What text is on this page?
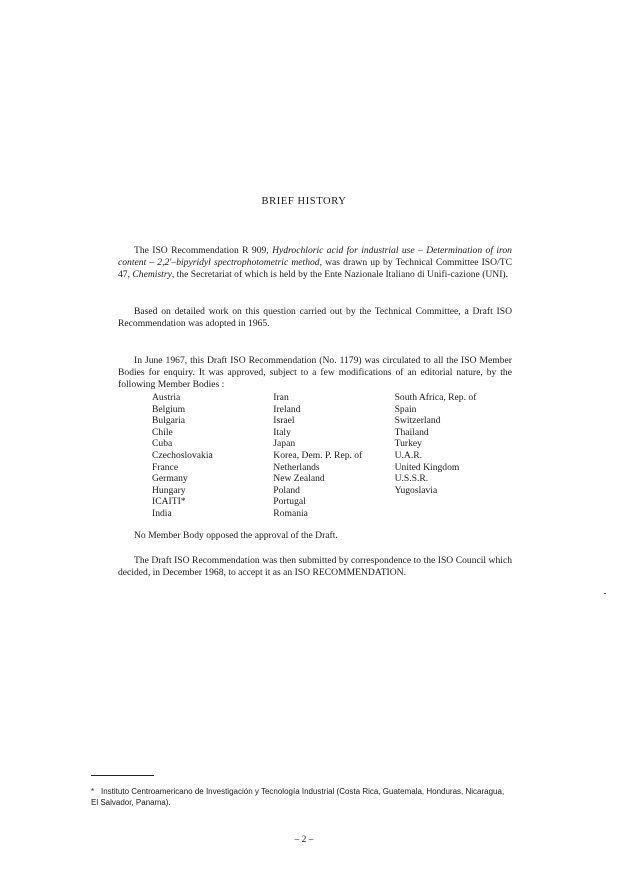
BRIEF HISTORY

The ISO Recommendation R 909, Hydrochloric acid for industrial use – Determination of iron content – 2,2′–bipyridyl spectrophotometric method, was drawn up by Technical Committee ISO/TC 47, Chemistry, the Secretariat of which is held by the Ente Nazionale Italiano di Unifi-cazione (UNI).

Based on detailed work on this question carried out by the Technical Committee, a Draft ISO Recommendation was adopted in 1965.

In June 1967, this Draft ISO Recommendation (No. 1179) was circulated to all the ISO Member Bodies for enquiry. It was approved, subject to a few modifications of an editorial nature, by the following Member Bodies :

Austria
Belgium
Bulgaria
Chile
Cuba
Czechoslovakia
France
Germany
Hungary
ICAITI*
India
Iran
Ireland
Israel
Italy
Japan
Korea, Dem. P. Rep. of
Netherlands
New Zealand
Poland
Portugal
Romania
South Africa, Rep. of
Spain
Switzerland
Thailand
Turkey
U.A.R.
United Kingdom
U.S.S.R.
Yugoslavia

No Member Body opposed the approval of the Draft.

The Draft ISO Recommendation was then submitted by correspondence to the ISO Council which decided, in December 1968, to accept it as an ISO RECOMMENDATION.

* Instituto Centroamericano de Investigación y Tecnología Industrial (Costa Rica, Guatemala, Honduras, Nicaragua, El Salvador, Panama).

– 2 –
